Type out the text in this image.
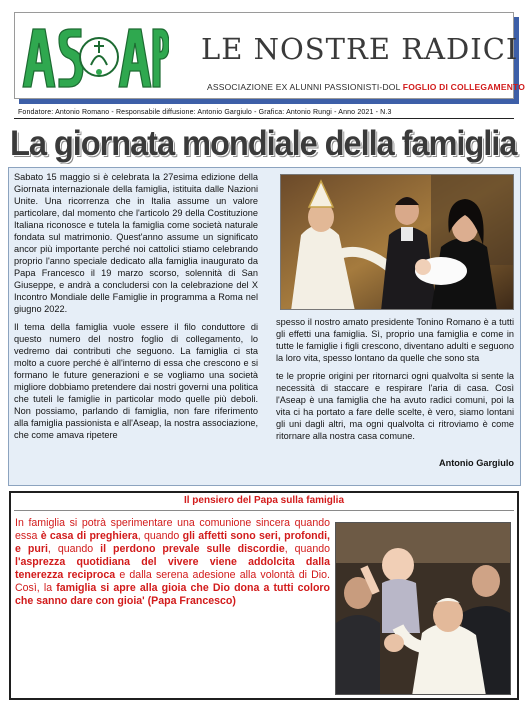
LE NOSTRE RADICI
ASSOCIAZIONE EX ALUNNI PASSIONISTI-DOL FOGLIO DI COLLEGAMENTO
Fondatore: Antonio Romano - Responsabile diffusione: Antonio Gargiulo - Grafica: Antonio Rungi - Anno 2021 - N.3
La giornata mondiale della famiglia

Sabato 15 maggio si è celebrata la 27esima edizione della Giornata internazionale della famiglia, istituita dalle Nazioni Unite. Una ricorrenza che in Italia assume un valore particolare, dal momento che l'articolo 29 della Costituzione Italiana riconosce e tutela la famiglia come società naturale fondata sul matrimonio. Quest'anno assume un significato ancor più importante perché noi cattolici stiamo celebrando proprio l'anno speciale dedicato alla famiglia inaugurato da Papa Francesco il 19 marzo scorso, solennità di San Giuseppe, e andrà a concludersi con la celebrazione del X Incontro Mondiale delle Famiglie in programma a Roma nel giugno 2022.

Il tema della famiglia vuole essere il filo conduttore di questo numero del nostro foglio di collegamento, lo vedremo dai contributi che seguono. La famiglia ci sta molto a cuore perché è all'interno di essa che crescono e si formano le future generazioni e se vogliamo una società migliore dobbiamo pretendere dai nostri governi una politica che tuteli le famiglie in particolar modo quelle più deboli. Non possiamo, parlando di famiglia, non fare riferimento alla famiglia passionista e all'Aseap, la nostra associazione, che come amava ripetere

spesso il nostro amato presidente Tonino Romano è a tutti gli effetti una famiglia. Sì, proprio una famiglia e come in tutte le famiglie i figli crescono, diventano adulti e seguono la loro vita, spesso lontano da quelle che sono sta

te le proprie origini per ritornarci ogni qualvolta si sente la necessità di staccare e respirare l'aria di casa. Così l'Aseap è una famiglia che ha avuto radici comuni, poi la vita ci ha portato a fare delle scelte, è vero, siamo lontani gli uni dagli altri, ma ogni qualvolta ci ritroviamo è come ritornare alla nostra casa comune.

Antonio Gargiulo
Il pensiero del Papa sulla famiglia
In famiglia si potrà sperimentare una comunione sincera quando essa è casa di preghiera, quando gli affetti sono seri, profondi, e puri, quando il perdono prevale sulle discordie, quando l'asprezza quotidiana del vivere viene addolcita dalla tenerezza reciproca e dalla serena adesione alla volontà di Dio. Così, la famiglia si apre alla gioia che Dio dona a tutti coloro che sanno dare con gioia' (Papa Francesco)
